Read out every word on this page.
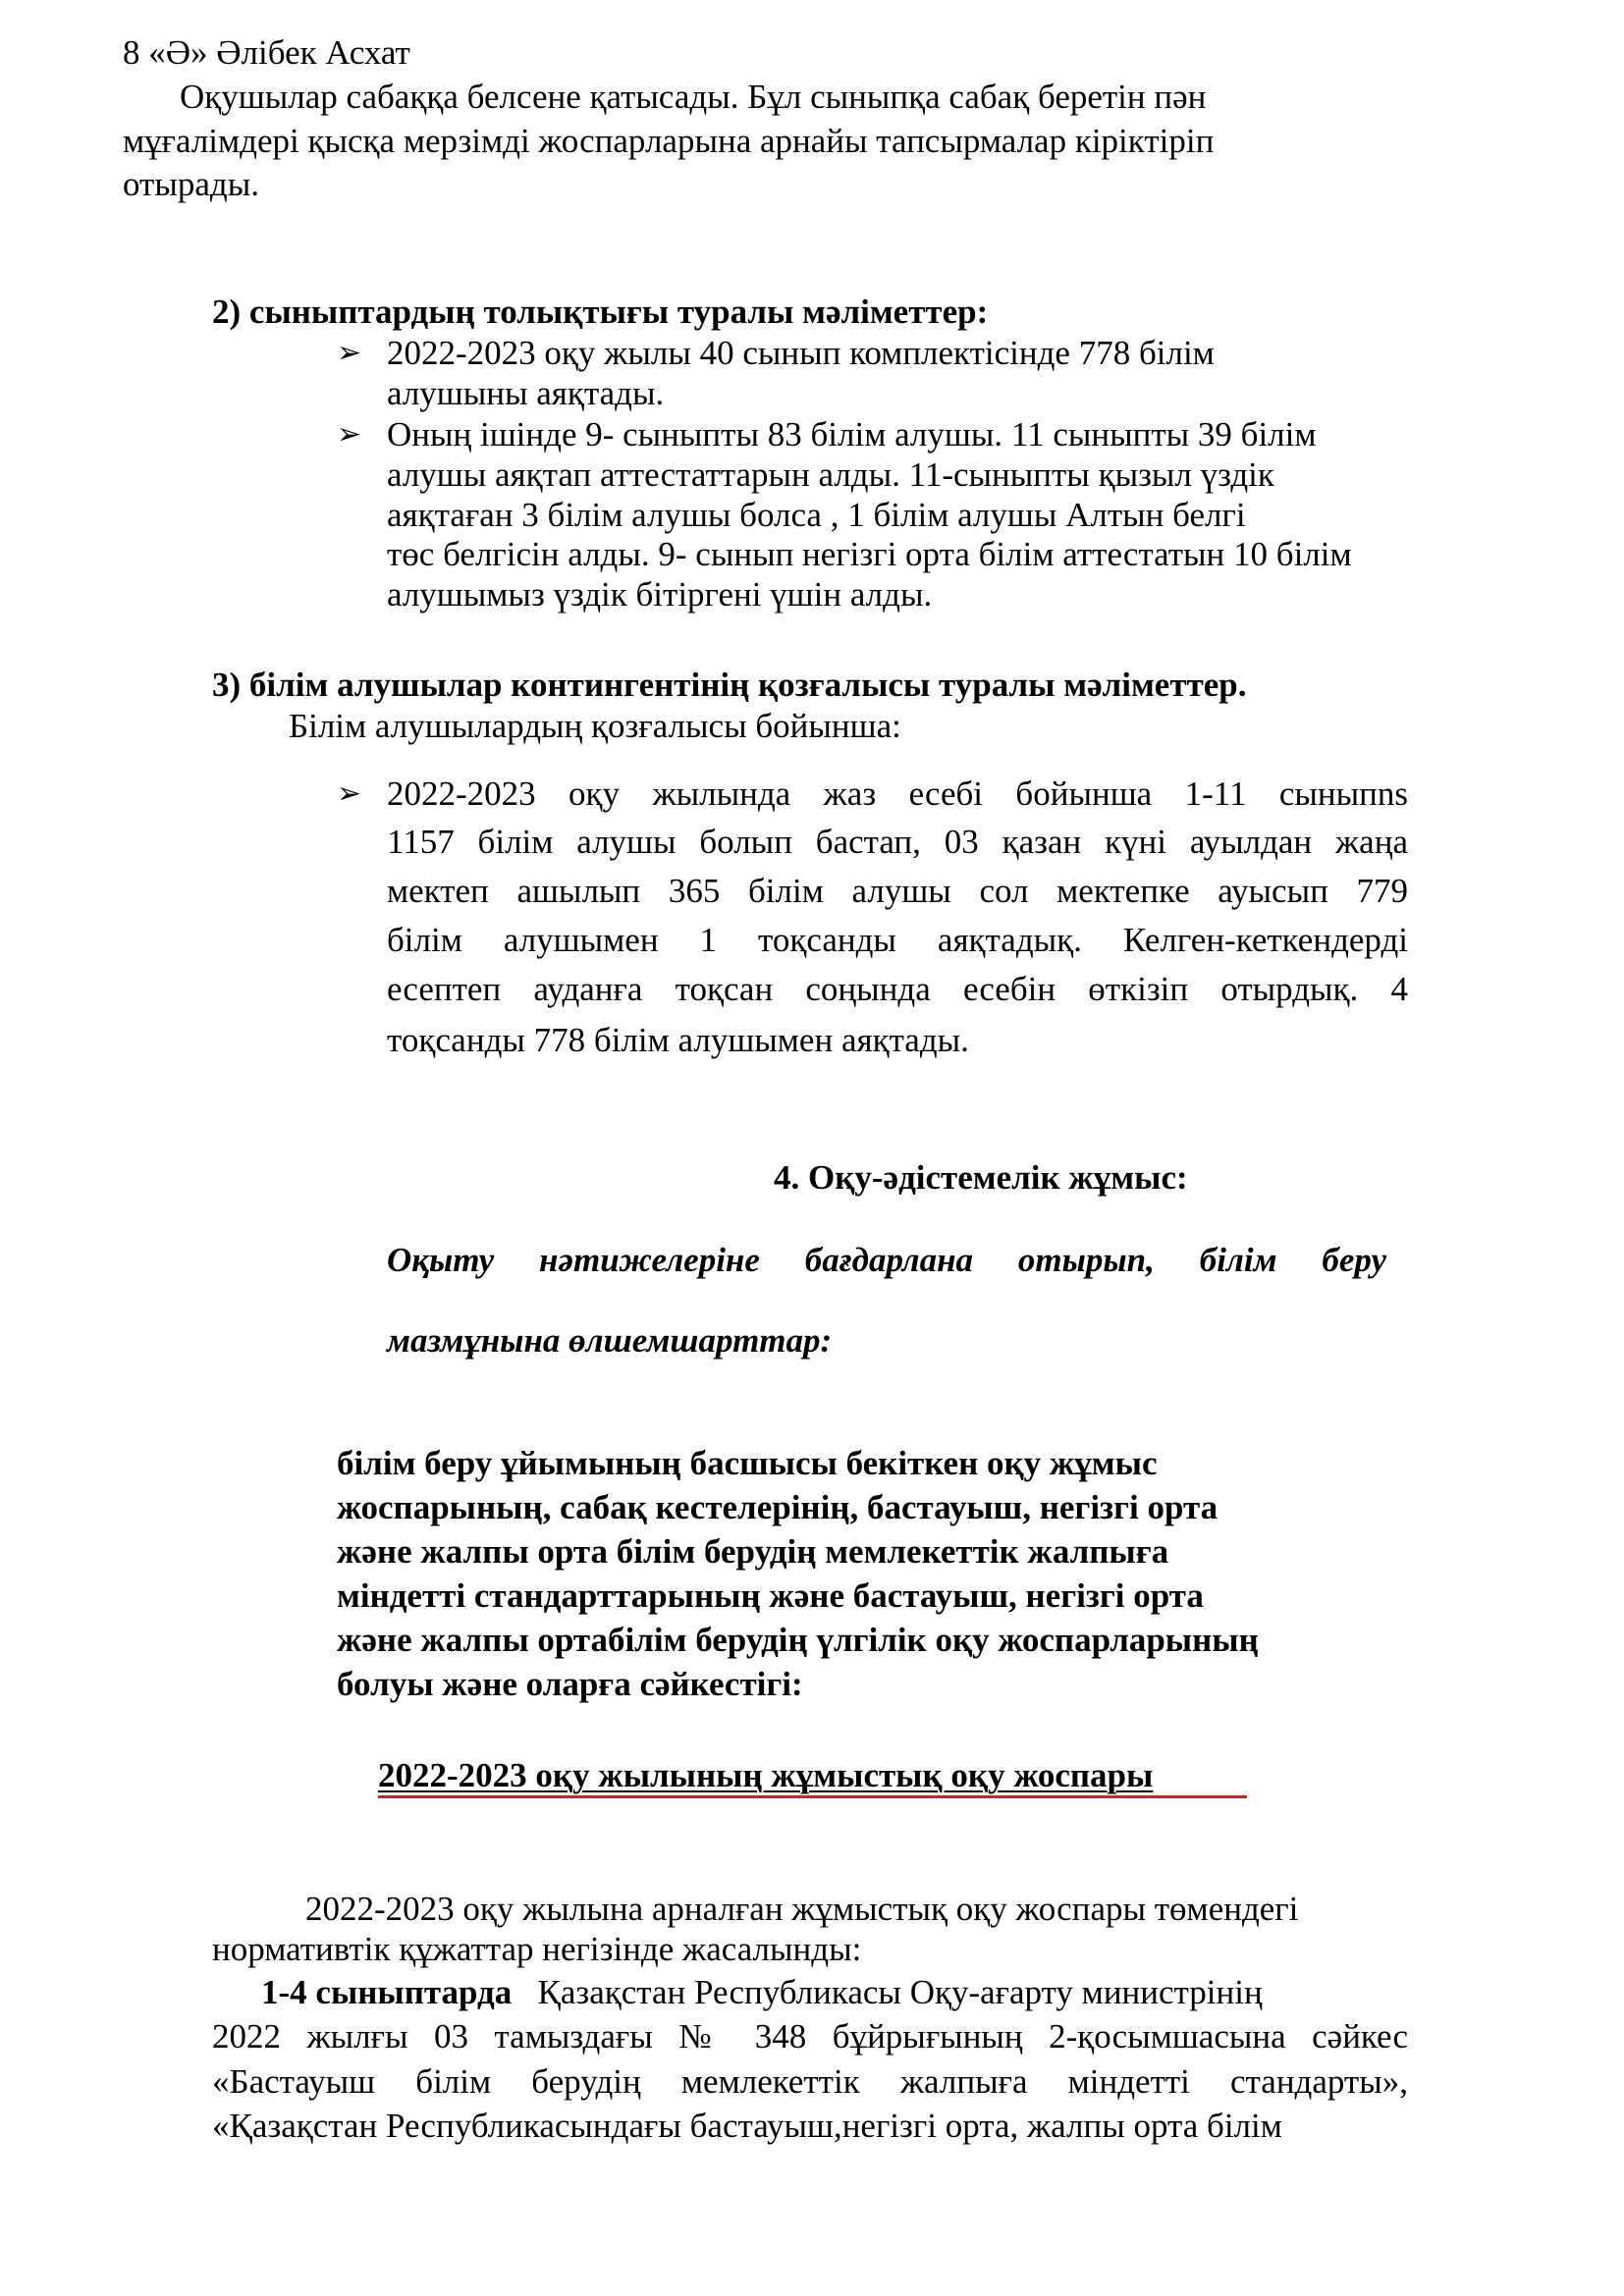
8 «Ә» Әлібек Асхат
Оқушылар сабаққа белсене қатысады. Бұл сыныпқа сабақ беретін пән
мұғалімдері қысқа мерзімді жоспарларына арнайы тапсырмалар кіріктіріп
отырады.
2) сыныптардың толықтығы туралы мәліметтер:
➢ 2022-2023 оқу жылы 40 сынып комплектісінде 778 білім
алушыны аяқтады.
➢ Оның ішінде 9- сыныпты 83 білім алушы. 11 сыныпты 39 білім
алушы аяқтап аттестаттарын алды. 11-сыныпты қызыл үздік
аяқтаған 3 білім алушы болса , 1 білім алушы Алтын белгі
төс белгісін алды. 9- сынып негізгі орта білім аттестатын 10 білім
алушымыз үздік бітіргені үшін алды.
3) білім алушылар контингентінің қозғалысы туралы мәліметтер.
Білім алушылардың қозғалысы бойынша:
➢ 2022-2023 оқу жылында жаз есебі бойынша 1-11 сыныпns
1157 білім алушы болып бастап, 03 қазан күні ауылдан жаңа
мектеп ашылып 365 білім алушы сол мектепке ауысып 779
білім алушымен 1 тоқсанды аяқтадық. Келген-кеткендерді
есептеп ауданға тоқсан соңында есебін өткізіп отырдық. 4
тоқсанды 778 білім алушымен аяқтады.
4. Оқу-әдістемелік жұмыс:
Оқыту нәтижелеріне бағдарлана отырып, білім беру
мазмұнына өлшемшарттар:
білім беру ұйымының басшысы бекіткен оқу жұмыс
жоспарының, сабақ кестелерінің, бастауыш, негізгі орта
және жалпы орта білім берудің мемлекеттік жалпыға
міндетті стандарттарының және бастауыш, негізгі орта
және жалпы ортабілім берудің үлгілік оқу жоспарларының
болуы және оларға сәйкестігі:
2022-2023 оқу жылының жұмыстық оқу жоспары
2022-2023 оқу жылына арналған жұмыстық оқу жоспары төмендегі
нормативтік құжаттар негізінде жасалынды:
1-4 сыныптарда Қазақстан Республикасы Оқу-ағарту министрінің
2022 жылғы 03 тамыздағы № 348 бұйрығының 2-қосымшасына сәйкес
«Бастауыш білім берудің мемлекеттік жалпыға міндетті стандарты»,
«Қазақстан Республикасындағы бастауыш,негізгі орта, жалпы орта білім
